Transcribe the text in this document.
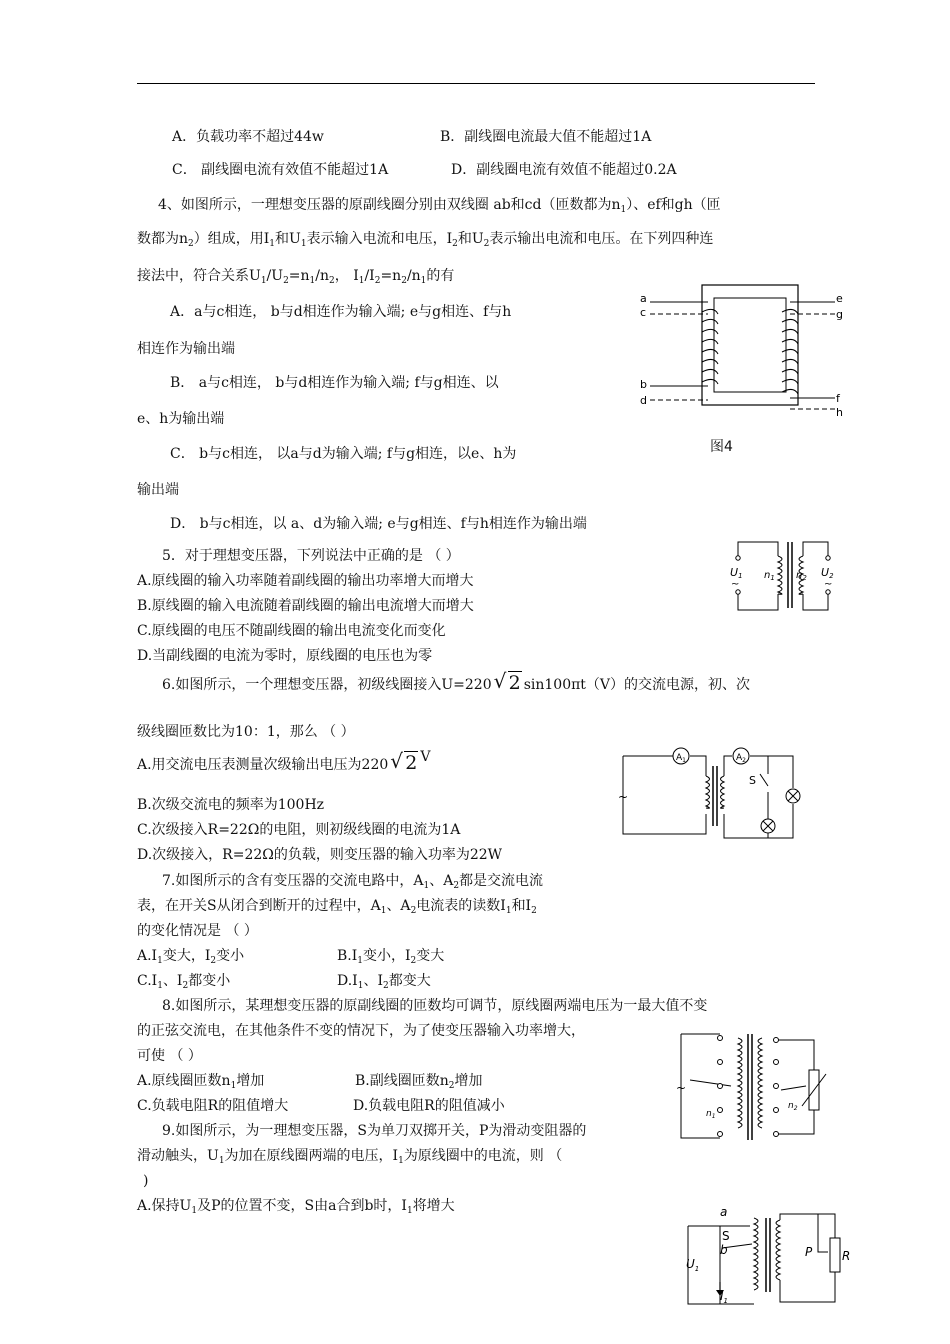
A．负载功率不超过44w	B．副线圈电流最大值不能超过1A
C． 副线圈电流有效值不能超过1A	D．副线圈电流有效值不能超过0.2A
4、如图所示，一理想变压器的原副线圈分别由双线圈 ab和cd（匝数都为$n_1$）、ef和gh（匝
数都为$n_2$）组成，用$I_1$和$U_1$表示输入电流和电压，$I_2$和$U_2$表示输出电流和电压。在下列四种连
接法中，符合关系$U_1/U_2=n_1/n_2$， $I_1/I_2=n_2/n_1$的有
A．a与c相连， b与d相连作为输入端; e与g相连、f与h
相连作为输出端
B． a与c相连， b与d相连作为输入端; f与g相连、以
e、h为输出端
C． b与c相连， 以a与d为输入端; f与g相连，以e、h为
输出端
D． b与c相连，以 a、d为输入端; e与g相连、f与h相连作为输出端
a
c
b
d
e
g
f
h
图4
5．对于理想变压器，下列说法中正确的是 （ ）
A.原线圈的输入功率随着副线圈的输出功率增大而增大
B.原线圈的输入电流随着副线圈的输出电流增大而增大
C.原线圈的电压不随副线圈的输出电流变化而变化
D.当副线圈的电流为零时，原线圈的电压也为零
U1
~
$n_1$ $n_2$ U2
~
6.如图所示，一个理想变压器，初级线圈接入U=220 √ 2 sin100πt（V）的交流电源，初、次
级线圈匝数比为10：1，那么 （ ）
A.用交流电压表测量次级输出电压为220 √ 2 V
B.次级交流电的频率为100Hz
C.次级接入R=22Ω的电阻，则初级线圈的电流为1A
D.次级接入，R=22Ω的负载，则变压器的输入功率为22W
$A_1$	$A_2$
~
S
7.如图所示的含有变压器的交流电路中，$A_1$、$A_2$都是交流电流
表，在开关S从闭合到断开的过程中，$A_1$、$A_2$电流表的读数$I_1$和$I_2$
的变化情况是 （ ）
$A.I_1$变大，$I_2$变小	$B.I_1$变小，$I_2$变大
$C.I_1$、$I_2$都变小	$D.I_1$、$I_2$都变大
8.如图所示，某理想变压器的原副线圈的匝数均可调节，原线圈两端电压为一最大值不变
的正弦交流电，在其他条件不变的情况下，为了使变压器输入功率增大，
可使 （ ）
A.原线圈匝数$n_1$增加	B.副线圈匝数$n_2$增加
C.负载电阻R的阻值增大	D.负载电阻R的阻值减小
~
$n_1$
$n_2$
9.如图所示，为一理想变压器，S为单刀双掷开关，P为滑动变阻器的
滑动触头，$U_1$为加在原线圈两端的电压，$I_1$为原线圈中的电流，则 （
)
A.保持$U_1$及P的位置不变，S由a合到b时，$I_1$将增大	a
b
S
$U_1$
$I_1$
P R
